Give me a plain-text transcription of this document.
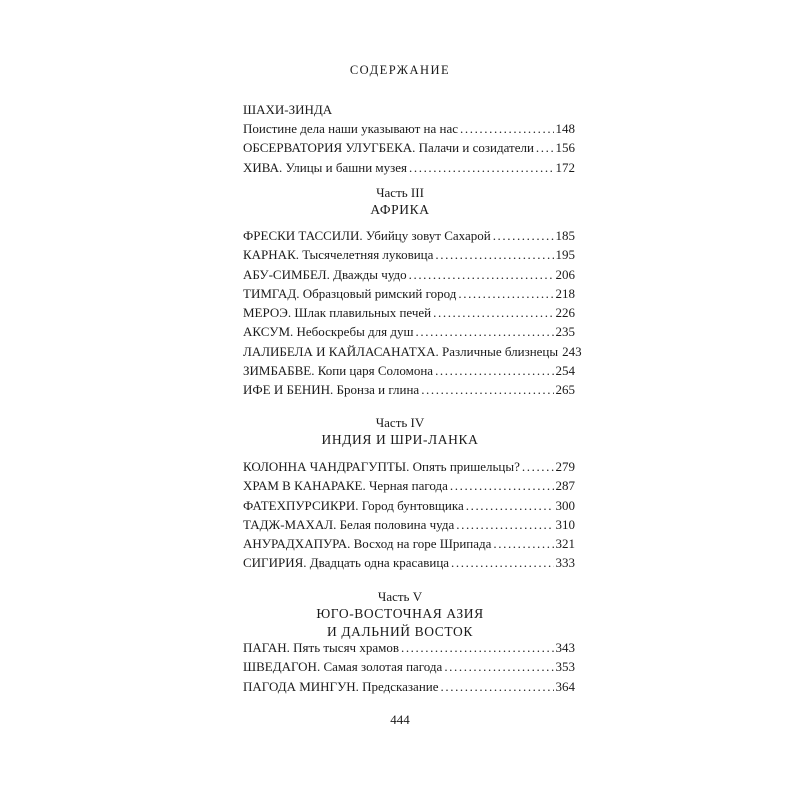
СОДЕРЖАНИЕ
ШАХИ-ЗИНДА
Поистине дела наши указывают на нас .....	148
ОБСЕРВАТОРИЯ УЛУГБЕКА. Палачи и созидатели ..... 156
ХИВА. Улицы и башни музея .....	172
Часть III
АФРИКА
ФРЕСКИ ТАССИЛИ. Убийцу зовут Сахарой .....	185
КАРНАК. Тысячелетняя луковица .....	195
АБУ-СИМБЕЛ. Дважды чудо .....	206
ТИМГАД. Образцовый римский город .....	218
МЕРОЭ. Шлак плавильных печей .....	226
АКСУМ. Небоскребы для душ .....	235
ЛАЛИБЕЛА И КАЙЛАСАНАТХА. Различные близнецы 243
ЗИМБАБВЕ. Копи царя Соломона .....	254
ИФЕ И БЕНИН. Бронза и глина .....	265
Часть IV
ИНДИЯ И ШРИ-ЛАНКА
КОЛОННА ЧАНДРАГУПТЫ. Опять пришельцы? .....	279
ХРАМ В КАНАРАКЕ. Черная пагода .....	287
ФАТЕХПУРСИКРИ. Город бунтовщика .....	300
ТАДЖ-МАХАЛ. Белая половина чуда .....	310
АНУРАДХАПУРА. Восход на горе Шрипада .....	321
СИГИРИЯ. Двадцать одна красавица .....	333
Часть V
ЮГО-ВОСТОЧНАЯ АЗИЯ
И ДАЛЬНИЙ ВОСТОК
ПАГАН. Пять тысяч храмов .....	343
ШВЕДАГОН. Самая золотая пагода .....	353
ПАГОДА МИНГУН. Предсказание .....	364
444
